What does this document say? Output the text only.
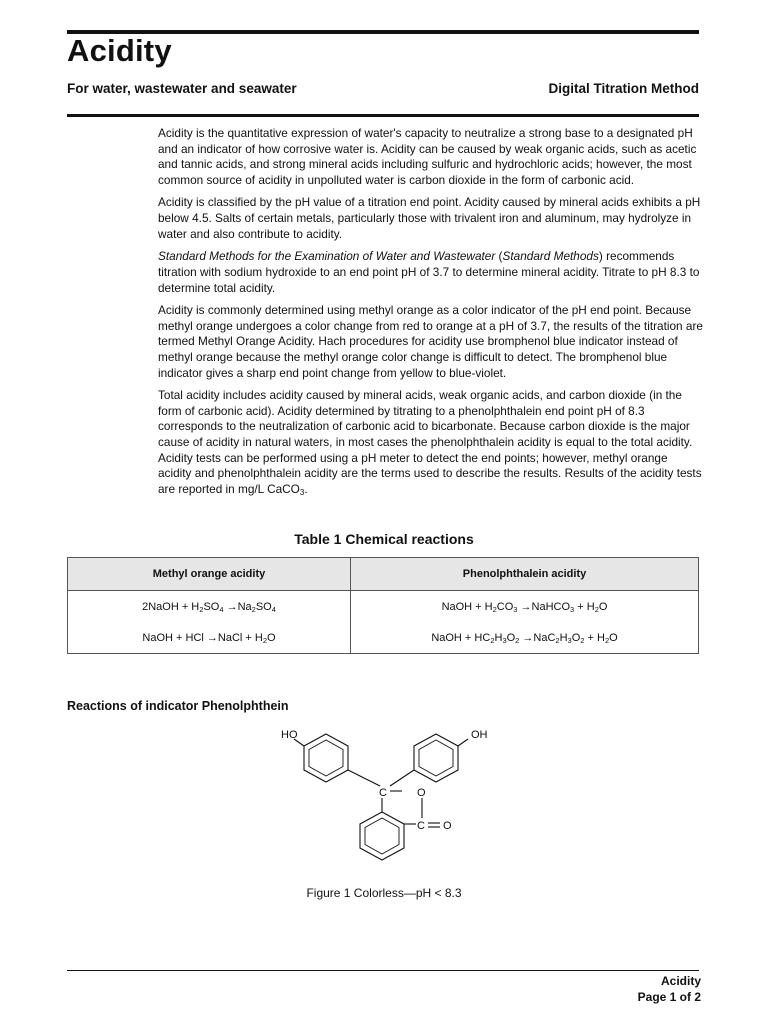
Acidity
For water, wastewater and seawater	Digital Titration Method

Acidity is the quantitative expression of water's capacity to neutralize a strong base to a designated pH and an indicator of how corrosive water is. Acidity can be caused by weak organic acids, such as acetic and tannic acids, and strong mineral acids including sulfuric and hydrochloric acids; however, the most common source of acidity in unpolluted water is carbon dioxide in the form of carbonic acid.

Acidity is classified by the pH value of a titration end point. Acidity caused by mineral acids exhibits a pH below 4.5. Salts of certain metals, particularly those with trivalent iron and aluminum, may hydrolyze in water and also contribute to acidity.

Standard Methods for the Examination of Water and Wastewater (Standard Methods) recommends titration with sodium hydroxide to an end point pH of 3.7 to determine mineral acidity. Titrate to pH 8.3 to determine total acidity.

Acidity is commonly determined using methyl orange as a color indicator of the pH end point. Because methyl orange undergoes a color change from red to orange at a pH of 3.7, the results of the titration are termed Methyl Orange Acidity. Hach procedures for acidity use bromphenol blue indicator instead of methyl orange because the methyl orange color change is difficult to detect. The bromphenol blue indicator gives a sharp end point change from yellow to blue-violet.

Total acidity includes acidity caused by mineral acids, weak organic acids, and carbon dioxide (in the form of carbonic acid). Acidity determined by titrating to a phenolphthalein end point pH of 8.3 corresponds to the neutralization of carbonic acid to bicarbonate. Because carbon dioxide is the major cause of acidity in natural waters, in most cases the phenolphthalein acidity is equal to the total acidity. Acidity tests can be performed using a pH meter to detect the end points; however, methyl orange acidity and phenolphthalein acidity are the terms used to describe the results. Results of the acidity tests are reported in mg/L CaCO$_3$.

Table 1 Chemical reactions
Methyl orange acidity	Phenolphthalein acidity
2NaOH + $H_2SO_4 \to Na_2SO_4$	NaOH + $H_2CO_3$ →NaHCO$_3$ + $H_2O$
NaOH + HCl →NaCl + $H_2O$	NaOH + $HC_2H_3O_2 \to NaC_2H_3O_2 + H_2O$
Reactions of indicator Phenolphthein
HO	OH
C	O
C O
Figure 1 Colorless—pH < 8.3
Acidity
Page 1 of 2
